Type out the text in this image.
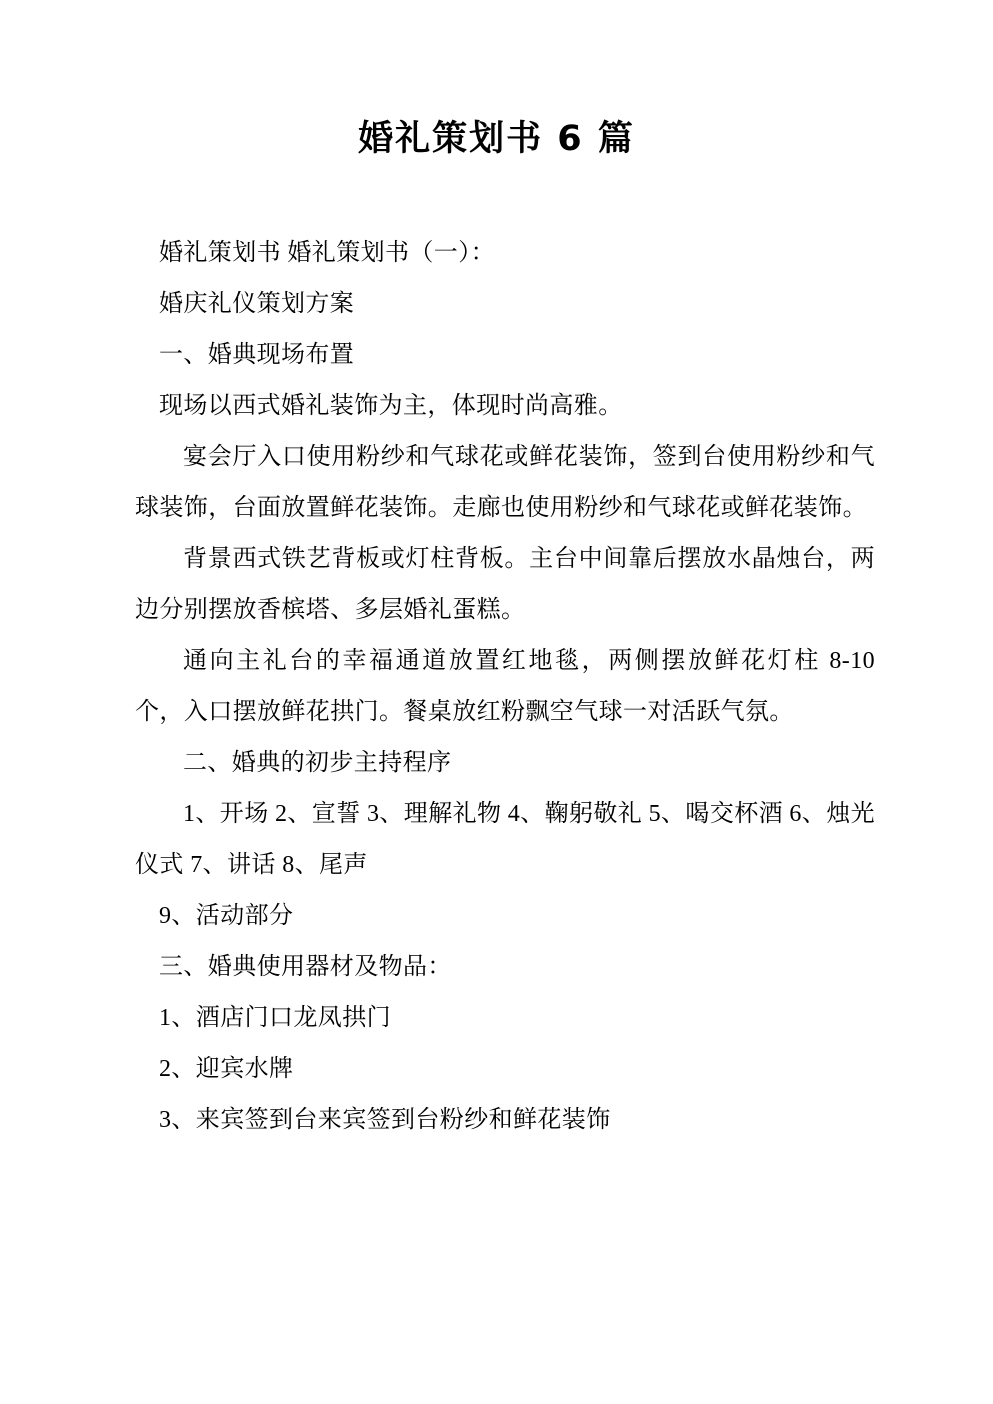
婚礼策划书 6 篇

婚礼策划书 婚礼策划书（一）：

婚庆礼仪策划方案

一、婚典现场布置

现场以西式婚礼装饰为主，体现时尚高雅。

宴会厅入口使用粉纱和气球花或鲜花装饰，签到台使用粉纱和气球装饰，台面放置鲜花装饰。走廊也使用粉纱和气球花或鲜花装饰。

背景西式铁艺背板或灯柱背板。主台中间靠后摆放水晶烛台，两边分别摆放香槟塔、多层婚礼蛋糕。

通向主礼台的幸福通道放置红地毯，两侧摆放鲜花灯柱 8-10 个，入口摆放鲜花拱门。餐桌放红粉飘空气球一对活跃气氛。

二、婚典的初步主持程序

1、开场 2、宣誓 3、理解礼物 4、鞠躬敬礼 5、喝交杯酒 6、烛光仪式 7、讲话 8、尾声

9、活动部分

三、婚典使用器材及物品：

1、酒店门口龙凤拱门

2、迎宾水牌

3、来宾签到台来宾签到台粉纱和鲜花装饰
